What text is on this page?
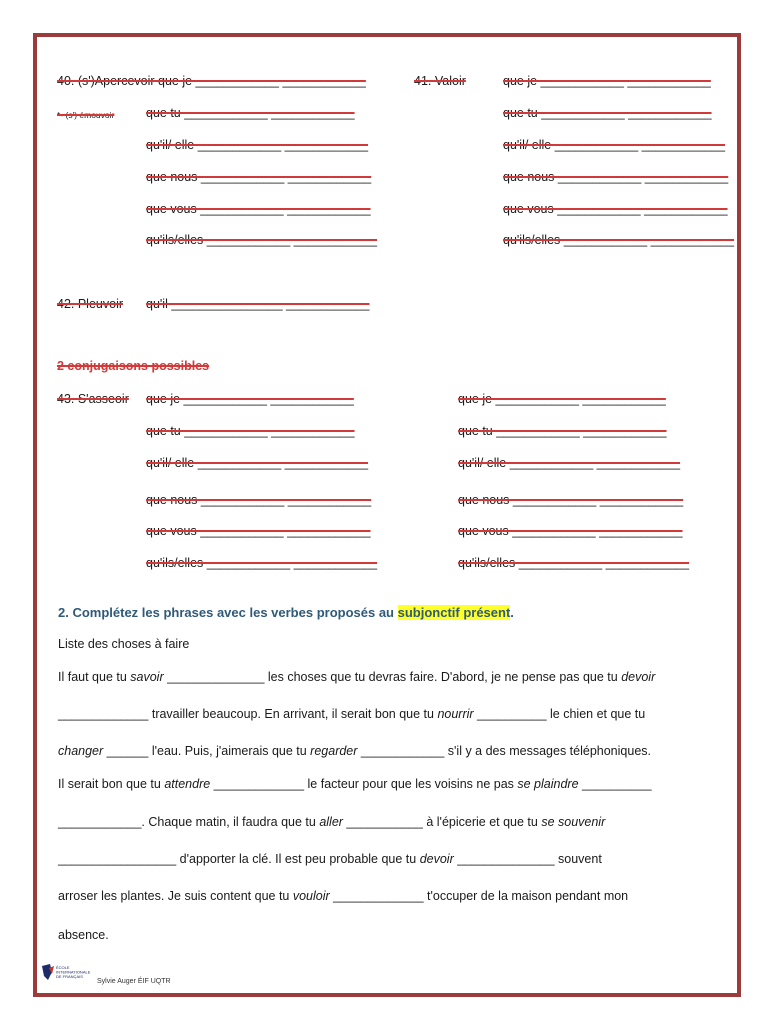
40. (s')Apercevoir que je ____________ ____________
*- (s') émouvoir	que tu ____________ ____________
qu'il/ elle ____________ ____________
que nous ____________ ____________
que vous ____________ ____________
qu'ils/elles ____________ ____________
41. Valoir	que je ____________ ____________
que tu ____________ ____________
qu'il/ elle ____________ ____________
que nous ____________ ____________
que vous ____________ ____________
qu'ils/elles ____________ ____________
42. Pleuvoir qu'il ________________ ____________
2 conjugaisons possibles
43. S'asseoir que je ____________ ____________
que tu ____________ ____________
qu'il/ elle ____________ ____________
que nous ____________ ____________
que vous ____________ ____________
qu'ils/elles ____________ ____________
que je ____________ ____________
que tu ____________ ____________
qu'il/ elle ____________ ____________
que nous ____________ ____________
que vous ____________ ____________
qu'ils/elles ____________ ____________
2. Complétez les phrases avec les verbes proposés au subjonctif présent.
Liste des choses à faire
Il faut que tu savoir ______________ les choses que tu devras faire. D'abord, je ne pense pas que tu devoir
_____________ travailler beaucoup. En arrivant, il serait bon que tu nourrir __________ le chien et que tu
changer ______ l'eau. Puis, j'aimerais que tu regarder ____________ s'il y a des messages téléphoniques.
Il serait bon que tu attendre _____________ le facteur pour que les voisins ne pas se plaindre __________
____________. Chaque matin, il faudra que tu aller ___________ à l'épicerie et que tu se souvenir
_________________ d'apporter la clé. Il est peu probable que tu devoir ______________ souvent
arroser les plantes. Je suis content que tu vouloir _____________ t'occuper de la maison pendant mon
absence.
ÉCOLE INTERNATIONALE DE FRANÇAIS
Sylvie Auger ÉIF UQTR
